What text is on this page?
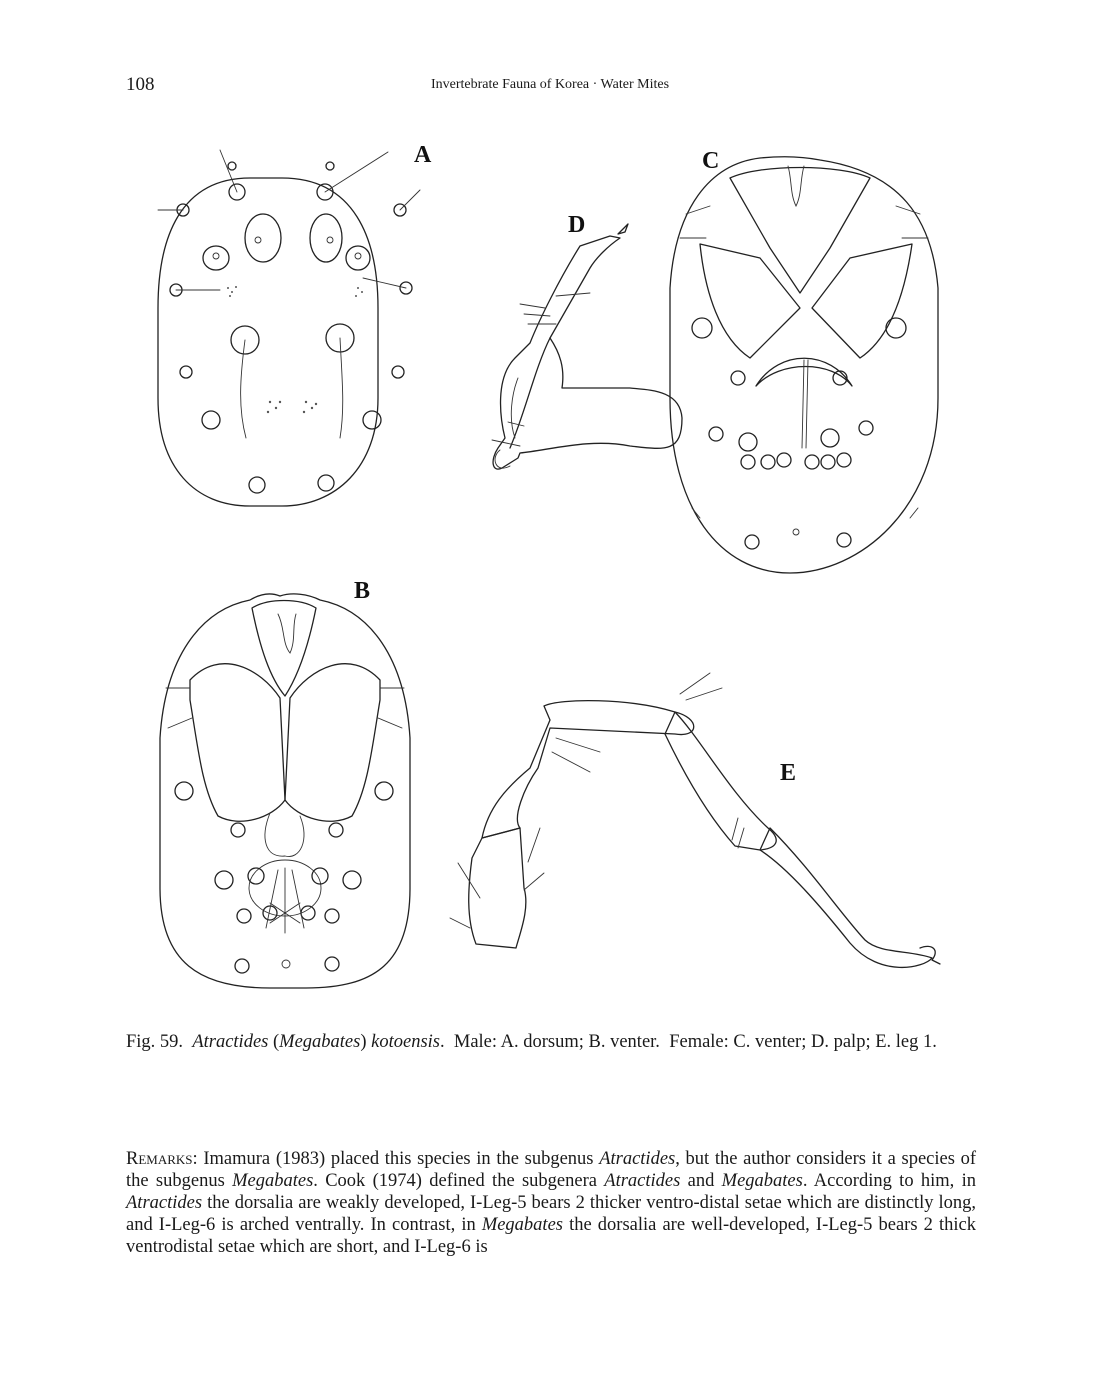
108	Invertebrate Fauna of Korea · Water Mites
A	C
D
B
E
Fig. 59. Atractides (Megabates) kotoensis.  Male: A. dorsum; B. venter. Female: C. venter; D. palp; E. leg 1.
Remarks: Imamura (1983) placed this species in the subgenus Atractides, but the author considers it a species of the subgenus Megabates. Cook (1974) defined the subgenera Atractides and Megabates. According to him, in Atractides the dorsalia are weakly developed, I-Leg-5 bears 2 thicker ventro-distal setae which are distinctly long, and I-Leg-6 is arched ventrally. In contrast, in Megabates the dorsalia are well-developed, I-Leg-5 bears 2 thick ventrodistal setae which are short, and I-Leg-6 is
